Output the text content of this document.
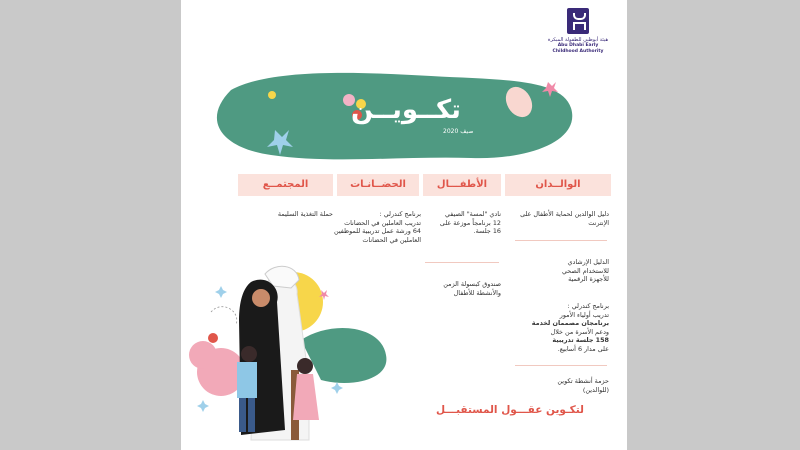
هيئة أبوظبي للطفولة المبكرة
Abu Dhabi Early
Childhood Authority
تكــويــن
صيف 2020
الوالــدان
الأطفـــال
الحضــانـات
المجتمــع
دليل الوالدين لحماية الأطفال على الإنترنت
الدليل الإرشادي
للاستخدام الصحي
للأجهزة الرقمية
برنامج كندرلي :
تدريب أولياء الأمور
برنامجان مصممان لخدمة
ودعم الأسرة من خلال
158 جلسة تدريبية
على مدار 6 أسابيع.
حزمة أنشطة تكوين
(للوالدين)
نادي "لمسة" الصيفي
12 برنامجاً موزعة على
16 جلسة.
صندوق كبسولة الزمن
والأنشطة للأطفال
برنامج كندرلي :
تدريب العاملين في الحضانات
64 ورشة عمل تدريبية للموظفين
العاملين في الحضانات
حملة التغذية السليمة
لتكـوين عقـــول المستقبـــل
